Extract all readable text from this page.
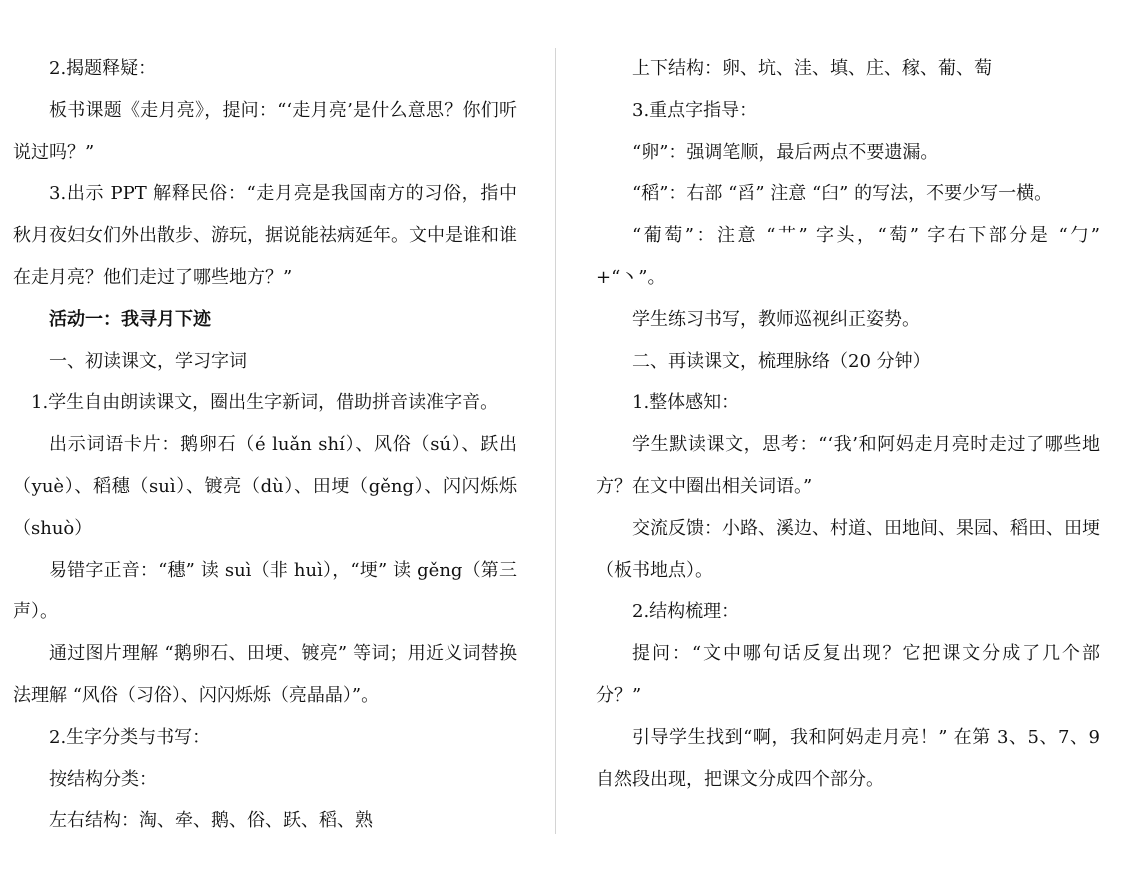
2.揭题释疑：

板书课题《走月亮》，提问：“‘走月亮’是什么意思？你们听说过吗？”

3.出示 PPT 解释民俗：“走月亮是我国南方的习俗，指中秋月夜妇女们外出散步、游玩，据说能祛病延年。文中是谁和谁在走月亮？他们走过了哪些地方？”

活动一：我寻月下迹

一、初读课文，学习字词

1.学生自由朗读课文，圈出生字新词，借助拼音读准字音。

出示词语卡片：鹅卵石（é luǎn shí）、风俗（sú）、跃出（yuè）、稻穗（suì）、镀亮（dù）、田埂（gěng）、闪闪烁烁（shuò）

易错字正音：“穗” 读 suì（非 huì），“埂” 读 gěng（第三声）。

通过图片理解 “鹅卵石、田埂、镀亮” 等词；用近义词替换法理解 “风俗（习俗）、闪闪烁烁（亮晶晶）”。

2.生字分类与书写：

按结构分类：

左右结构：淘、牵、鹅、俗、跃、稻、熟

上下结构：卵、坑、洼、填、庄、稼、葡、萄

3.重点字指导：

“卵”：强调笔顺，最后两点不要遗漏。

“稻”：右部 “舀” 注意 “臼” 的写法，不要少写一横。

“葡萄”：注意 “艹” 字头，“萄” 字右下部分是 “勹” +“丶”。

学生练习书写，教师巡视纠正姿势。

二、再读课文，梳理脉络（20 分钟）

1.整体感知：

学生默读课文，思考：“‘我’和阿妈走月亮时走过了哪些地方？在文中圈出相关词语。”

交流反馈：小路、溪边、村道、田地间、果园、稻田、田埂（板书地点）。

2.结构梳理：

提问：“文中哪句话反复出现？它把课文分成了几个部分？”

引导学生找到“啊，我和阿妈走月亮！” 在第 3、5、7、9 自然段出现，把课文分成四个部分。
